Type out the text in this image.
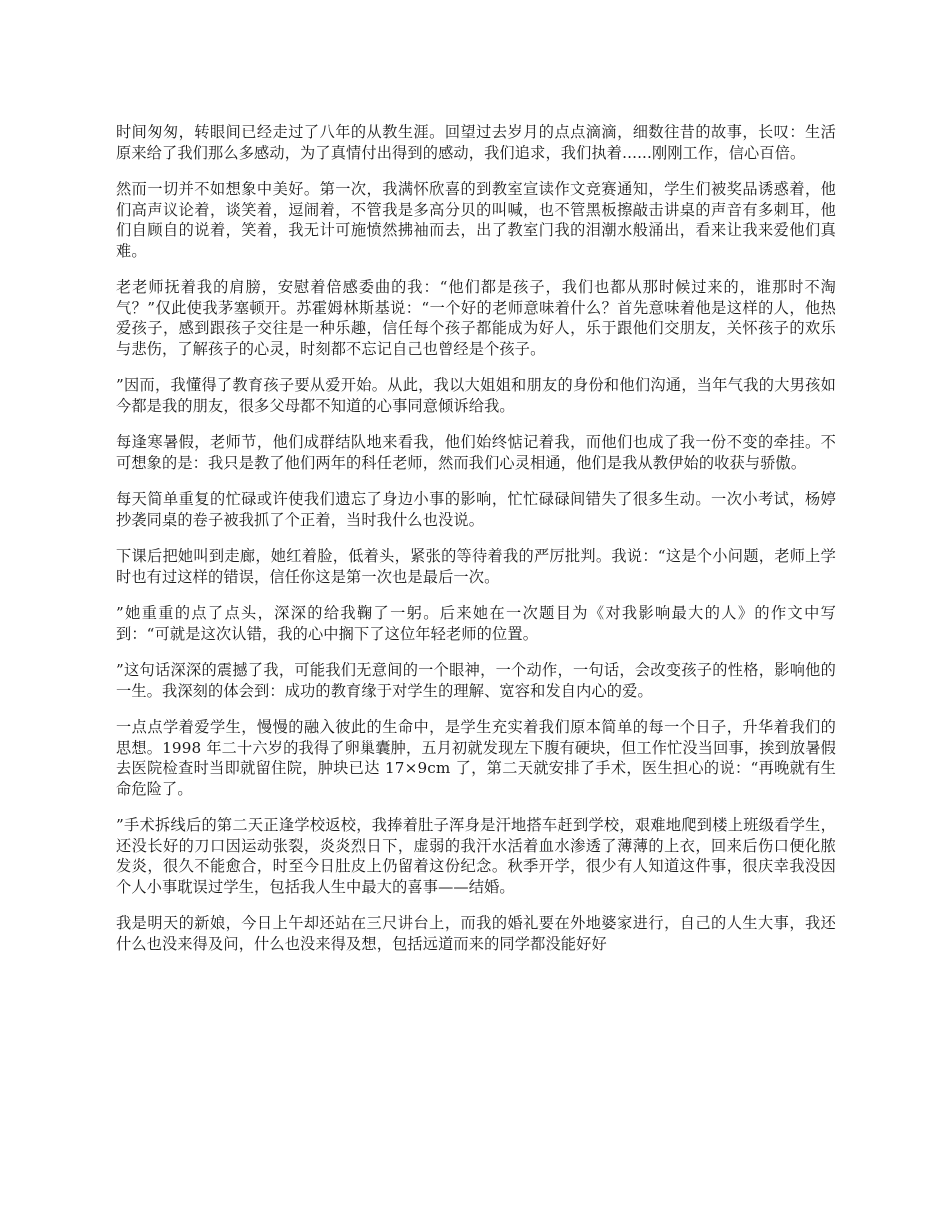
时间匆匆，转眼间已经走过了八年的从教生涯。回望过去岁月的点点滴滴，细数往昔的故事，长叹：生活原来给了我们那么多感动，为了真情付出得到的感动，我们追求，我们执着......刚刚工作，信心百倍。

然而一切并不如想象中美好。第一次，我满怀欣喜的到教室宣读作文竞赛通知，学生们被奖品诱惑着，他们高声议论着，谈笑着，逗闹着，不管我是多高分贝的叫喊，也不管黑板擦敲击讲桌的声音有多刺耳，他们自顾自的说着，笑着，我无计可施愤然拂袖而去，出了教室门我的泪潮水般涌出，看来让我来爱他们真难。

老老师抚着我的肩膀，安慰着倍感委曲的我：“他们都是孩子，我们也都从那时候过来的，谁那时不淘气？”仅此使我茅塞顿开。苏霍姆林斯基说：“一个好的老师意味着什么？首先意味着他是这样的人，他热爱孩子，感到跟孩子交往是一种乐趣，信任每个孩子都能成为好人，乐于跟他们交朋友，关怀孩子的欢乐与悲伤，了解孩子的心灵，时刻都不忘记自己也曾经是个孩子。

”因而，我懂得了教育孩子要从爱开始。从此，我以大姐姐和朋友的身份和他们沟通，当年气我的大男孩如今都是我的朋友，很多父母都不知道的心事同意倾诉给我。

每逢寒暑假，老师节，他们成群结队地来看我，他们始终惦记着我，而他们也成了我一份不变的牵挂。不可想象的是：我只是教了他们两年的科任老师，然而我们心灵相通，他们是我从教伊始的收获与骄傲。

每天简单重复的忙碌或许使我们遗忘了身边小事的影响，忙忙碌碌间错失了很多生动。一次小考试，杨婷抄袭同桌的卷子被我抓了个正着，当时我什么也没说。

下课后把她叫到走廊，她红着脸，低着头，紧张的等待着我的严厉批判。我说：“这是个小问题，老师上学时也有过这样的错误，信任你这是第一次也是最后一次。

”她重重的点了点头，深深的给我鞠了一躬。后来她在一次题目为《对我影响最大的人》的作文中写到：“可就是这次认错，我的心中搁下了这位年轻老师的位置。

”这句话深深的震撼了我，可能我们无意间的一个眼神，一个动作，一句话，会改变孩子的性格，影响他的一生。我深刻的体会到：成功的教育缘于对学生的理解、宽容和发自内心的爱。

一点点学着爱学生，慢慢的融入彼此的生命中，是学生充实着我们原本简单的每一个日子，升华着我们的思想。1998 年二十六岁的我得了卵巢囊肿，五月初就发现左下腹有硬块，但工作忙没当回事，挨到放暑假去医院检查时当即就留住院，肿块已达 17×9cm 了，第二天就安排了手术，医生担心的说：“再晚就有生命危险了。

”手术拆线后的第二天正逢学校返校，我捧着肚子浑身是汗地搭车赶到学校，艰难地爬到楼上班级看学生，还没长好的刀口因运动张裂，炎炎烈日下，虚弱的我汗水活着血水渗透了薄薄的上衣，回来后伤口便化脓发炎，很久不能愈合，时至今日肚皮上仍留着这份纪念。秋季开学，很少有人知道这件事，很庆幸我没因个人小事耽误过学生，包括我人生中最大的喜事——结婚。

我是明天的新娘，今日上午却还站在三尺讲台上，而我的婚礼要在外地婆家进行，自己的人生大事，我还什么也没来得及问，什么也没来得及想，包括远道而来的同学都没能好好
